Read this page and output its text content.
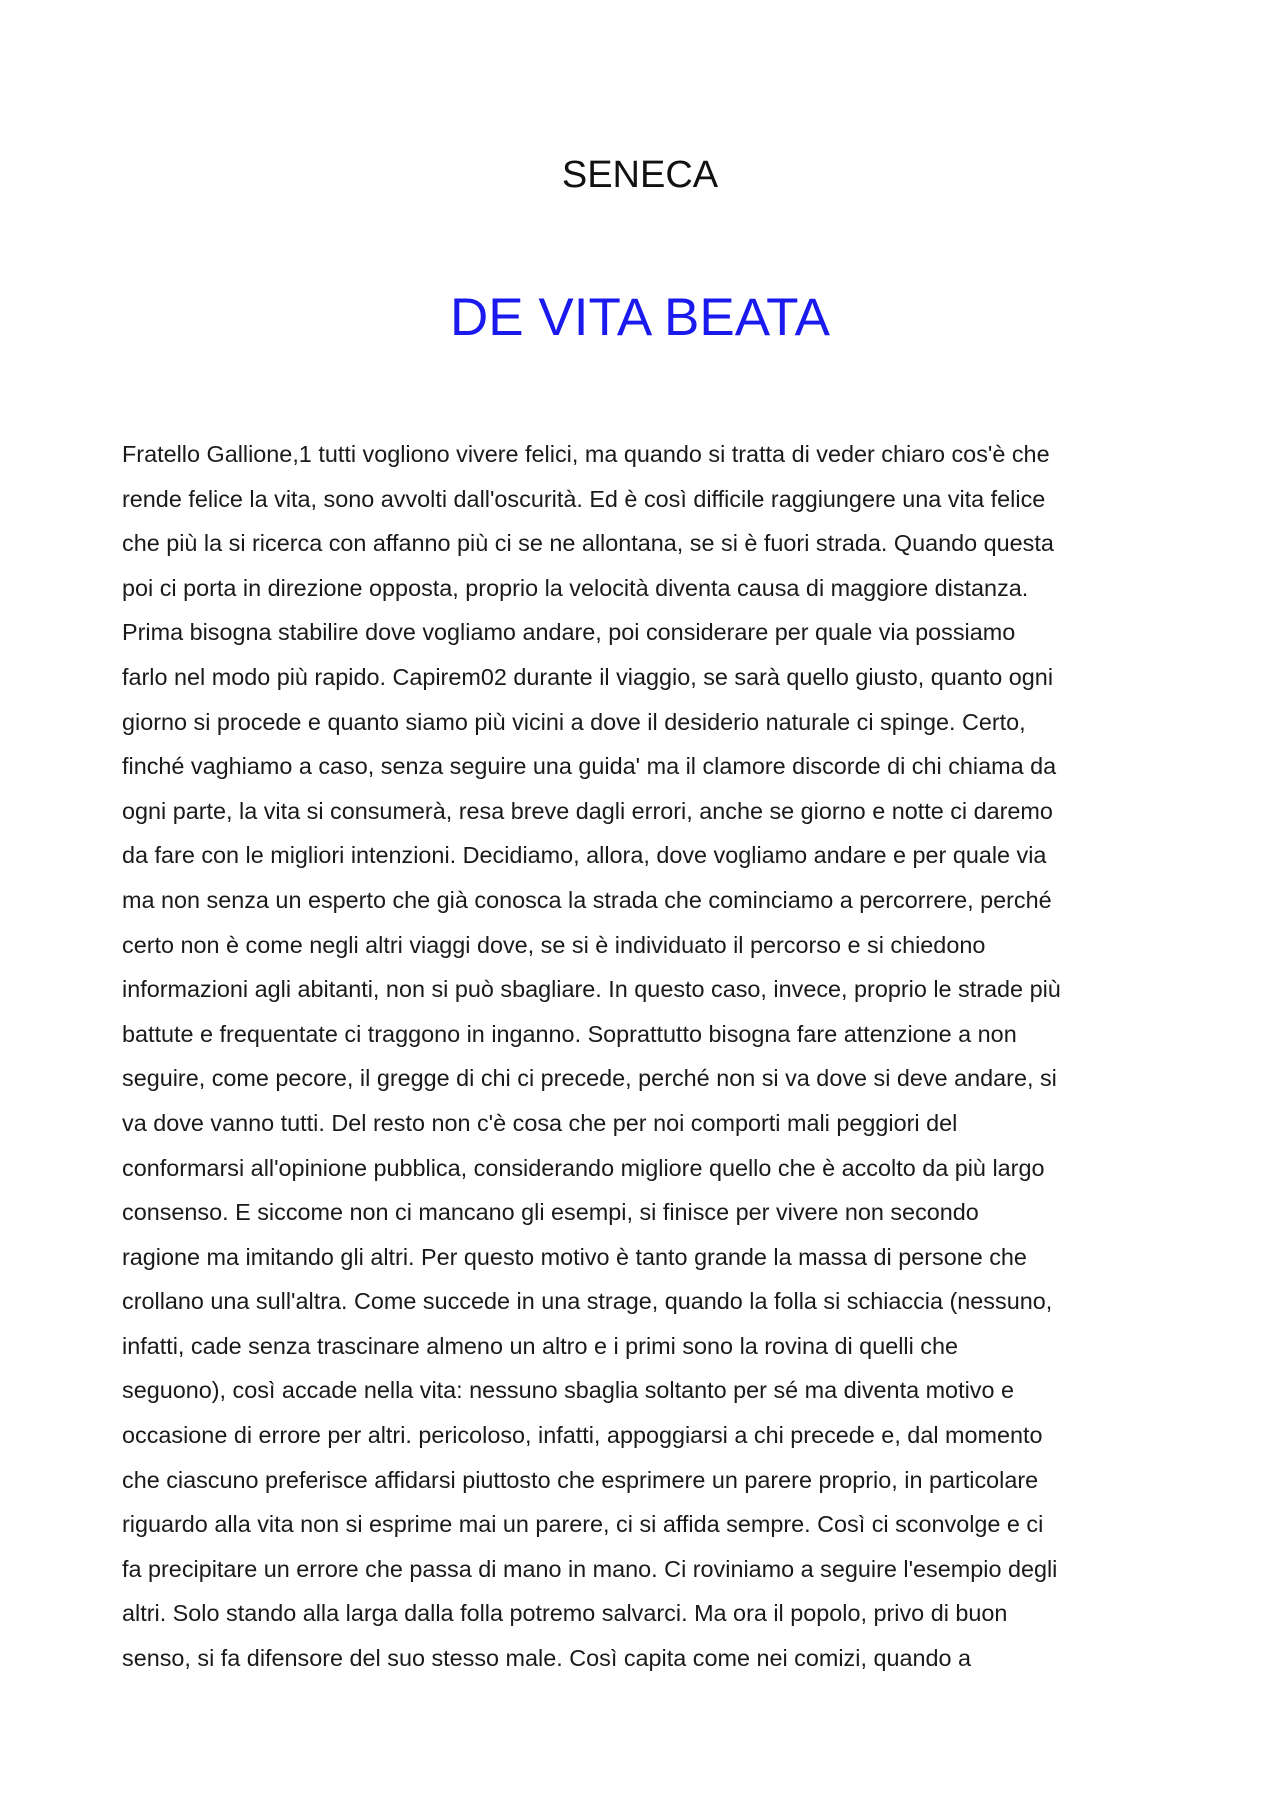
SENECA
DE VITA BEATA
Fratello Gallione,1 tutti vogliono vivere felici, ma quando si tratta di veder chiaro cos'è che
rende felice la vita, sono avvolti dall'oscurità. Ed è così difficile raggiungere una vita felice
che più la si ricerca con affanno più ci se ne allontana, se si è fuori strada. Quando questa
poi ci porta in direzione opposta, proprio la velocità diventa causa di maggiore distanza.
Prima bisogna stabilire dove vogliamo andare, poi considerare per quale via possiamo
farlo nel modo più rapido. Capirem02 durante il viaggio, se sarà quello giusto, quanto ogni
giorno si procede e quanto siamo più vicini a dove il desiderio naturale ci spinge. Certo,
finché vaghiamo a caso, senza seguire una guida' ma il clamore discorde di chi chiama da
ogni parte, la vita si consumerà, resa breve dagli errori, anche se giorno e notte ci daremo
da fare con le migliori intenzioni. Decidiamo, allora, dove vogliamo andare e per quale via
ma non senza un esperto che già conosca la strada che cominciamo a percorrere, perché
certo non è come negli altri viaggi dove, se si è individuato il percorso e si chiedono
informazioni agli abitanti, non si può sbagliare. In questo caso, invece, proprio le strade più
battute e frequentate ci traggono in inganno. Soprattutto bisogna fare attenzione a non
seguire, come pecore, il gregge di chi ci precede, perché non si va dove si deve andare, si
va dove vanno tutti. Del resto non c'è cosa che per noi comporti mali peggiori del
conformarsi all'opinione pubblica, considerando migliore quello che è accolto da più largo
consenso. E siccome non ci mancano gli esempi, si finisce per vivere non secondo
ragione ma imitando gli altri. Per questo motivo è tanto grande la massa di persone che
crollano una sull'altra. Come succede in una strage, quando la folla si schiaccia (nessuno,
infatti, cade senza trascinare almeno un altro e i primi sono la rovina di quelli che
seguono), così accade nella vita: nessuno sbaglia soltanto per sé ma diventa motivo e
occasione di errore per altri. pericoloso, infatti, appoggiarsi a chi precede e, dal momento
che ciascuno preferisce affidarsi piuttosto che esprimere un parere proprio, in particolare
riguardo alla vita non si esprime mai un parere, ci si affida sempre. Così ci sconvolge e ci
fa precipitare un errore che passa di mano in mano. Ci roviniamo a seguire l'esempio degli
altri. Solo stando alla larga dalla folla potremo salvarci. Ma ora il popolo, privo di buon
senso, si fa difensore del suo stesso male. Così capita come nei comizi, quando a
